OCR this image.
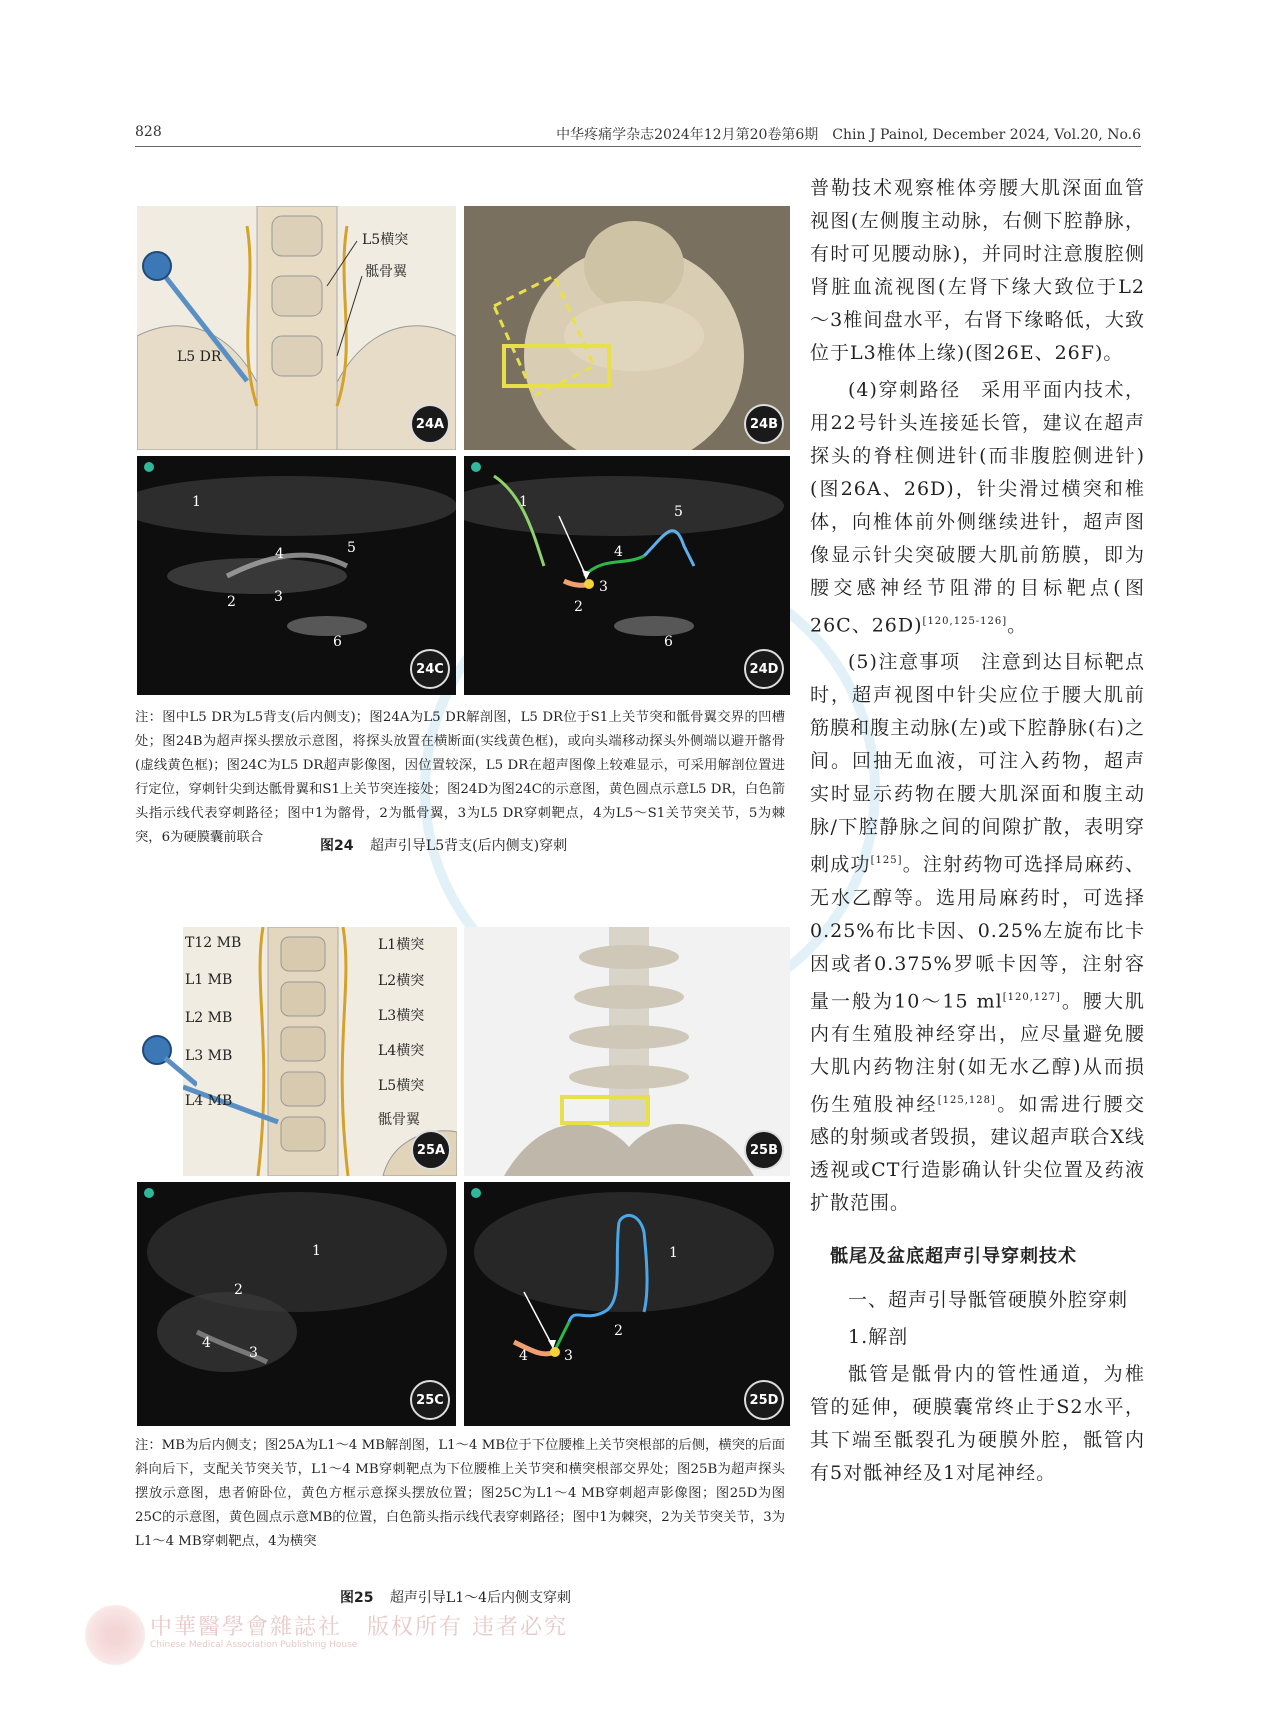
828	中华疼痛学杂志2024年12月第20卷第6期　Chin J Painol, December 2024, Vol.20, No.6
L5横突
骶骨翼
L5 DR
24A	24B
1
2	3
4	5
6
24C
1
2
3
4
5
6
24D
注：图中L5 DR为L5背支(后内侧支)；图24A为L5 DR解剖图，L5 DR位于S1上关节突和骶骨翼交界的凹槽处；图24B为超声探头摆放示意图，将探头放置在横断面(实线黄色框)，或向头端移动探头外侧端以避开髂骨(虚线黄色框)；图24C为L5 DR超声影像图，因位置较深，L5 DR在超声图像上较难显示，可采用解剖位置进行定位，穿刺针尖到达骶骨翼和S1上关节突连接处；图24D为图24C的示意图，黄色圆点示意L5 DR，白色箭头指示线代表穿刺路径；图中1为髂骨，2为骶骨翼，3为L5 DR穿刺靶点，4为L5～S1关节突关节，5为棘突，6为硬膜囊前联合
图24 超声引导L5背支(后内侧支)穿刺
T12 MB
L1 MB
L2 MB
L3 MB
L4 MB
L1横突
L2横突
L3横突
L4横突
L5横突
骶骨翼
25A	25B
1
2
3
4
25C
1
2
3
4
25D
注：MB为后内侧支；图25A为L1～4 MB解剖图，L1～4 MB位于下位腰椎上关节突根部的后侧，横突的后面斜向后下，支配关节突关节，L1～4 MB穿刺靶点为下位腰椎上关节突和横突根部交界处；图25B为超声探头摆放示意图，患者俯卧位，黄色方框示意探头摆放位置；图25C为L1～4 MB穿刺超声影像图；图25D为图25C的示意图，黄色圆点示意MB的位置，白色箭头指示线代表穿刺路径；图中1为棘突，2为关节突关节，3为L1～4 MB穿刺靶点，4为横突
图25 超声引导L1～4后内侧支穿刺

普勒技术观察椎体旁腰大肌深面血管视图(左侧腹主动脉，右侧下腔静脉，有时可见腰动脉)，并同时注意腹腔侧肾脏血流视图(左肾下缘大致位于L2～3椎间盘水平，右肾下缘略低，大致位于L3椎体上缘)(图26E、26F)。

(4)穿刺路径　采用平面内技术，用22号针头连接延长管，建议在超声探头的脊柱侧进针(而非腹腔侧进针)(图26A、26D)，针尖滑过横突和椎体，向椎体前外侧继续进针，超声图像显示针尖突破腰大肌前筋膜，即为腰交感神经节阻滞的目标靶点(图26C、26D)[120,125-126]。

(5)注意事项　注意到达目标靶点时，超声视图中针尖应位于腰大肌前筋膜和腹主动脉(左)或下腔静脉(右)之间。回抽无血液，可注入药物，超声实时显示药物在腰大肌深面和腹主动脉/下腔静脉之间的间隙扩散，表明穿刺成功[125]。注射药物可选择局麻药、无水乙醇等。选用局麻药时，可选择0.25%布比卡因、0.25%左旋布比卡因或者0.375%罗哌卡因等，注射容量一般为10～15 ml[120,127]。腰大肌内有生殖股神经穿出，应尽量避免腰大肌内药物注射(如无水乙醇)从而损伤生殖股神经[125,128]。如需进行腰交感的射频或者毁损，建议超声联合X线透视或CT行造影确认针尖位置及药液扩散范围。

骶尾及盆底超声引导穿刺技术

一、超声引导骶管硬膜外腔穿刺

1.解剖

骶管是骶骨内的管性通道，为椎管的延伸，硬膜囊常终止于S2水平，其下端至骶裂孔为硬膜外腔，骶管内有5对骶神经及1对尾神经。

中華醫學會雜誌社 版权所有 违者必究
Chinese Medical Association Publishing House
